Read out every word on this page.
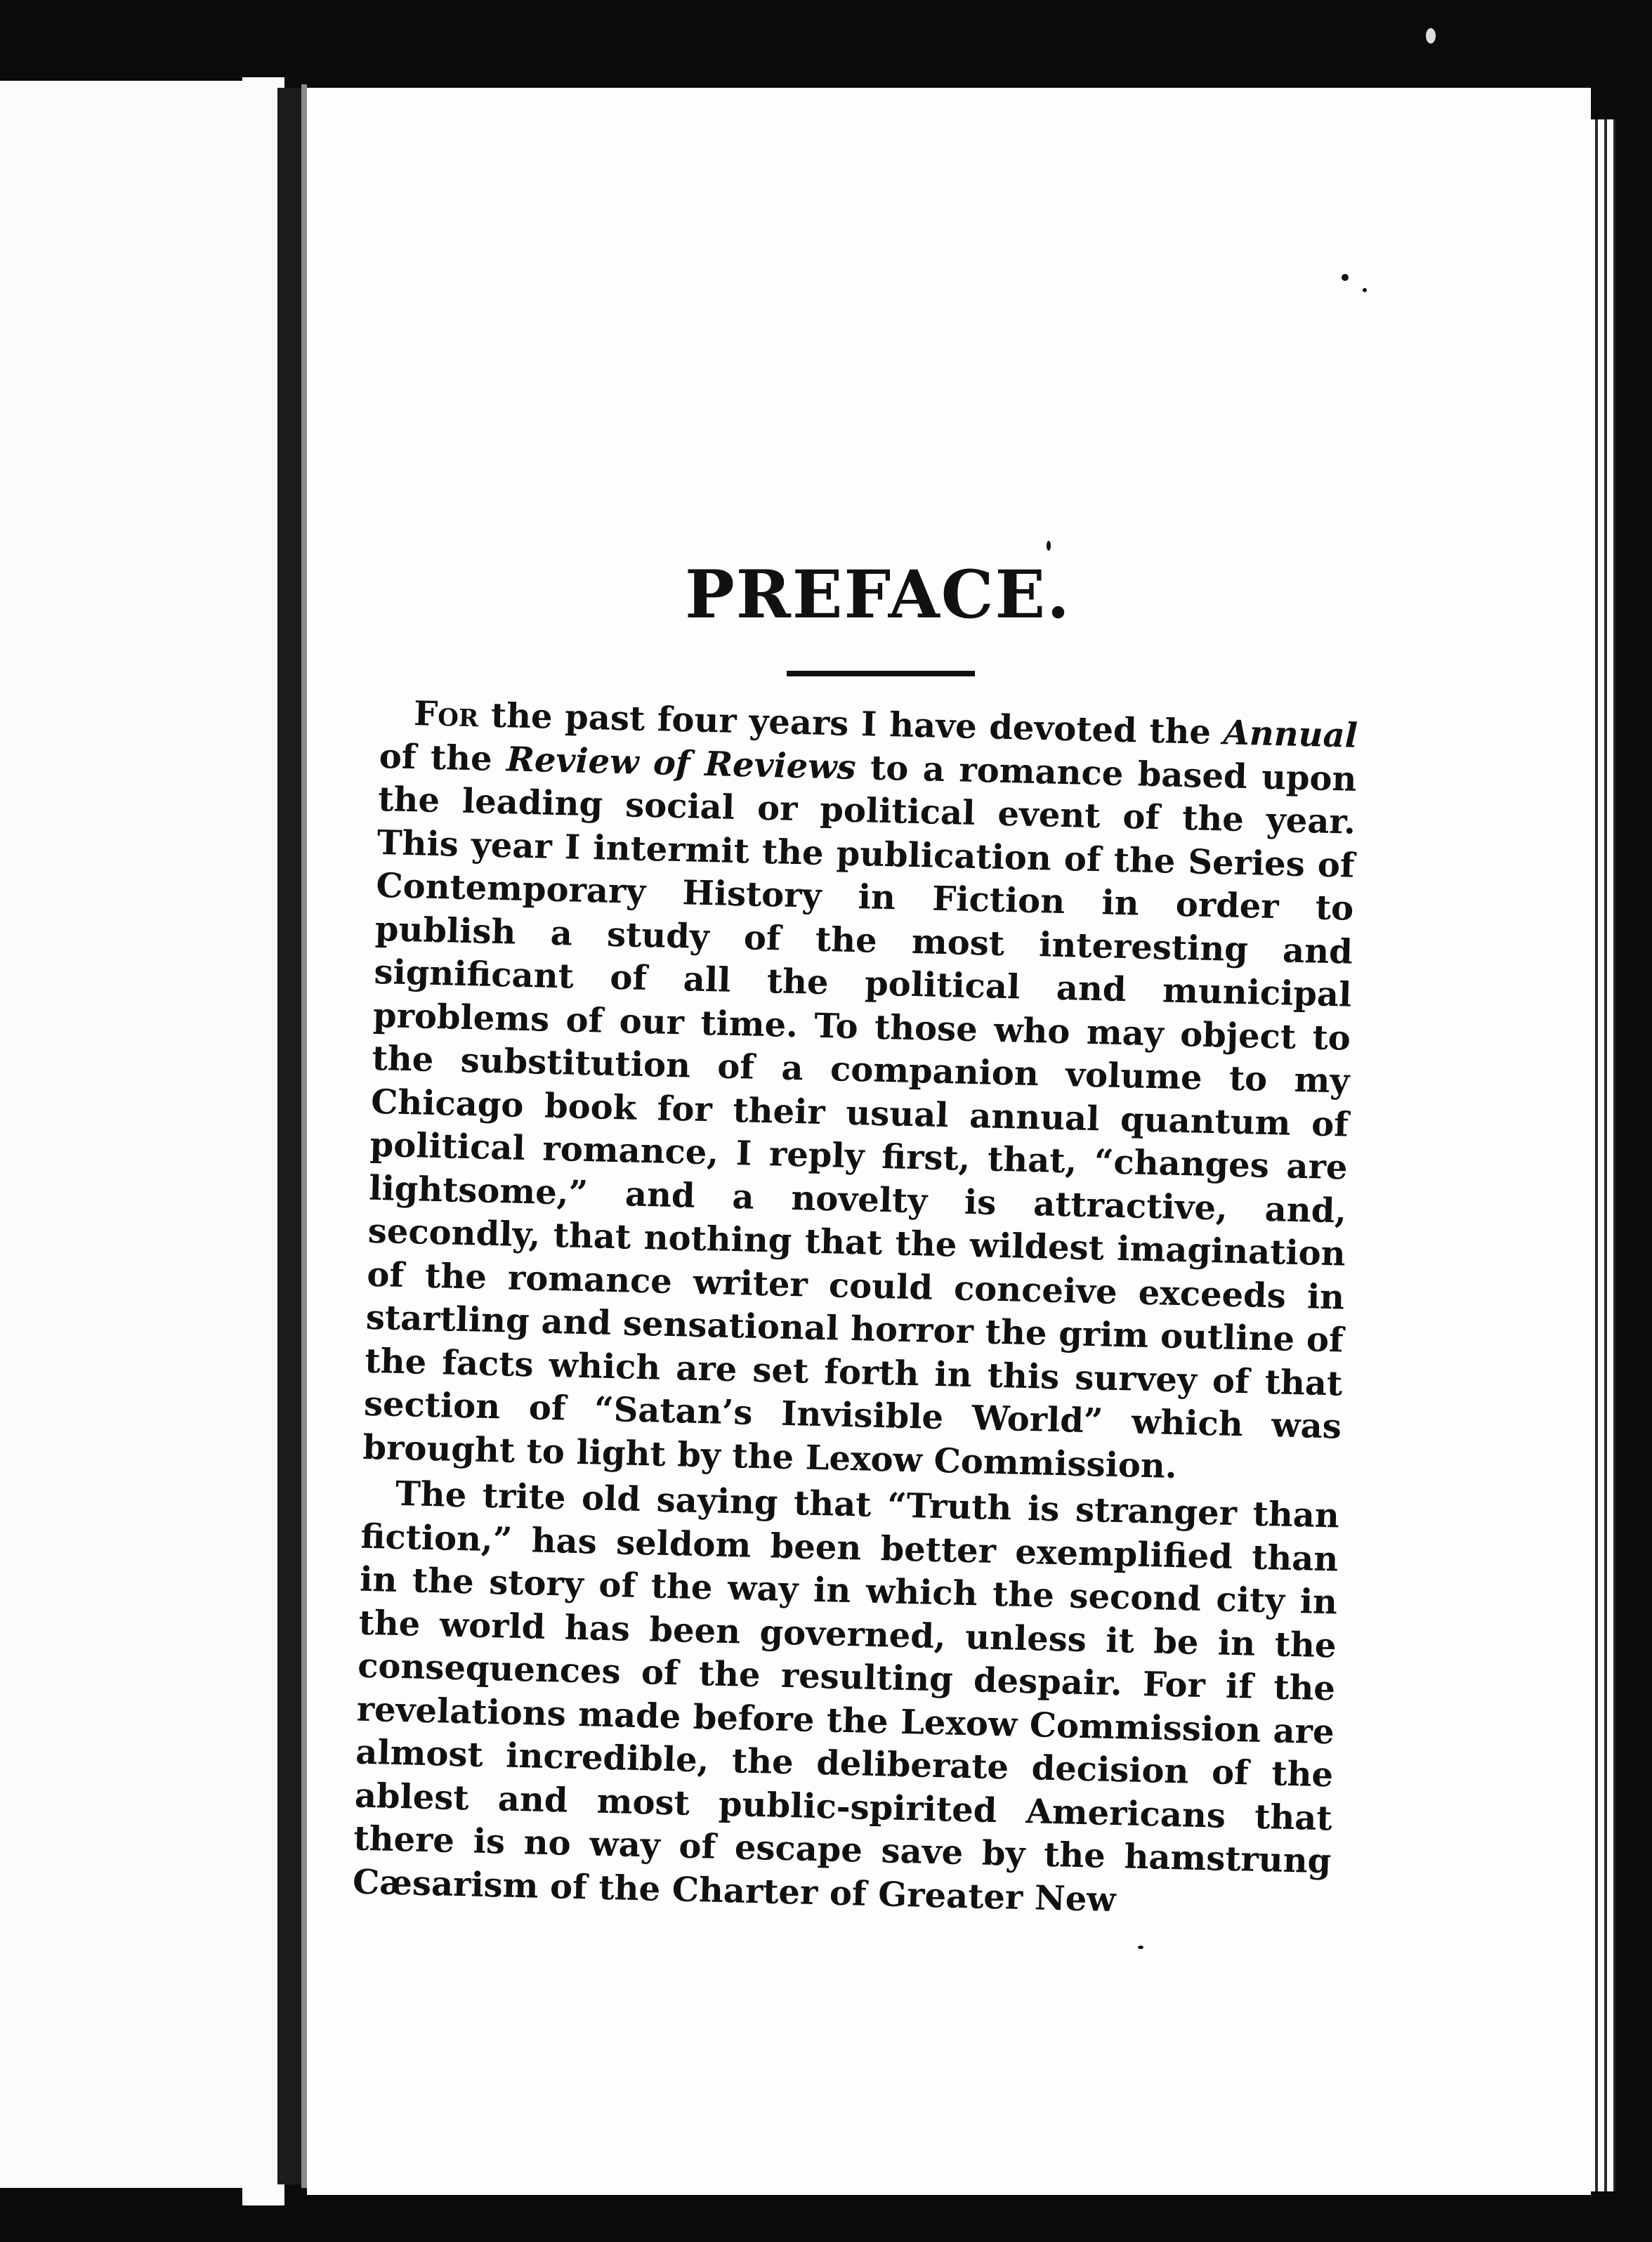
PREFACE.

For the past four years I have devoted the Annual of the Review of Reviews to a romance based upon the leading social or political event of the year. This year I intermit the publication of the Series of Contemporary History in Fiction in order to publish a study of the most interesting and significant of all the political and municipal problems of our time. To those who may object to the substitution of a companion volume to my Chicago book for their usual annual quantum of political romance, I reply first, that, “changes are lightsome,” and a novelty is attractive, and, secondly, that nothing that the wildest imagination of the romance writer could conceive exceeds in startling and sensational horror the grim outline of the facts which are set forth in this survey of that section of “Satan’s Invisible World” which was brought to light by the Lexow Commission.

The trite old saying that “Truth is stranger than fiction,” has seldom been better exemplified than in the story of the way in which the second city in the world has been governed, unless it be in the consequences of the resulting despair. For if the revelations made before the Lexow Commission are almost incredible, the deliberate decision of the ablest and most public-spirited Americans that there is no way of escape save by the hamstrung Cæsarism of the Charter of Greater New
